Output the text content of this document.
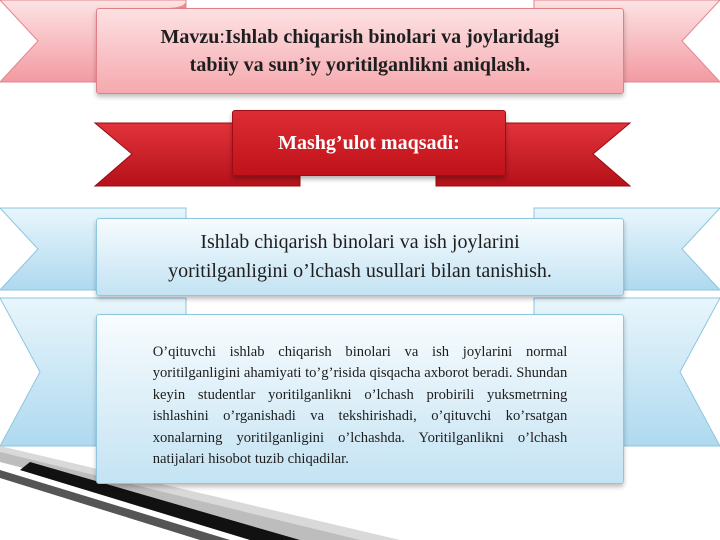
Mavzu:Ishlab chiqarish binolari va joylaridagi
tabiiy va sun’iy yoritilganlikni aniqlash.
Mashg’ulot maqsadi:
Ishlab chiqarish binolari va ish joylarini
yoritilganligini o’lchash usullari bilan tanishish.
O’qituvchi ishlab chiqarish binolari va ish joylarini normal
yoritilganligini ahamiyati to’g’risida qisqacha axborot beradi. Shundan
keyin studentlar yoritilganlikni o’lchash probirili yuksmetrning
ishlashini o’rganishadi va tekshirishadi, o’qituvchi ko’rsatgan
xonalarning yoritilganligini o’lchashda. Yoritilganlikni o’lchash
natijalari hisobot tuzib chiqadilar.
